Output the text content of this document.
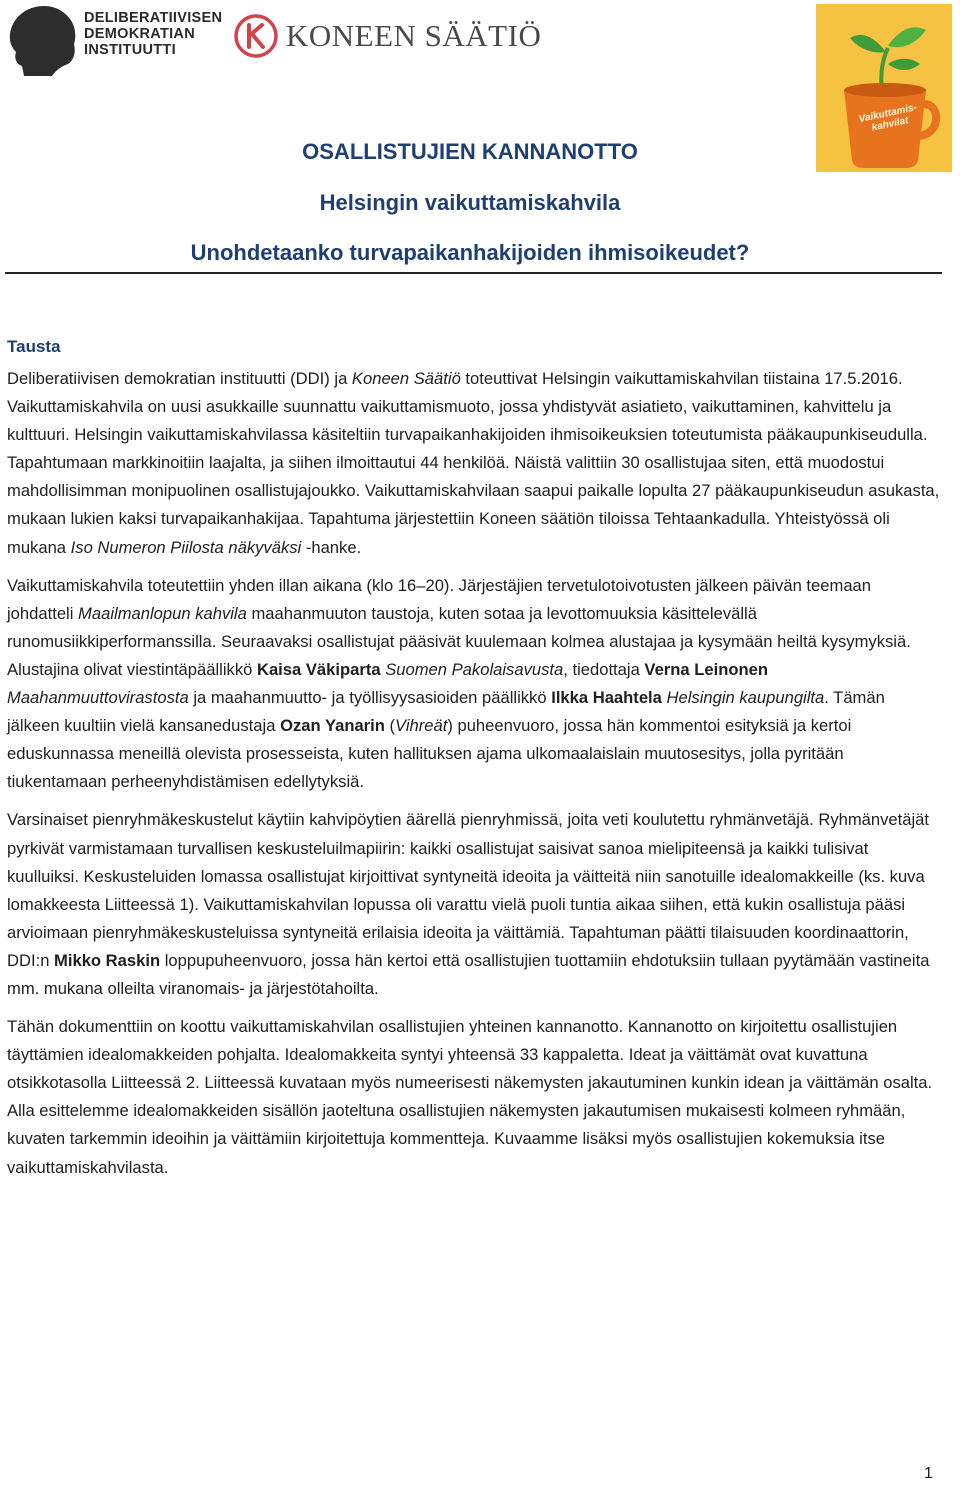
DELIBERATIIVISEN
DEMOKRATIAN
INSTITUUTTI	KONEEN SÄÄTIÖ
Vaikuttamis-kahvilat
OSALLISTUJIEN KANNANOTTO
Helsingin vaikuttamiskahvila
Unohdetaanko turvapaikanhakijoiden ihmisoikeudet?
Tausta

Deliberatiivisen demokratian instituutti (DDI) ja Koneen Säätiö toteuttivat Helsingin vaikuttamiskahvilan tiistaina 17.5.2016. Vaikuttamiskahvila on uusi asukkaille suunnattu vaikuttamismuoto, jossa yhdistyvät asiatieto, vaikuttaminen, kahvittelu ja kulttuuri. Helsingin vaikuttamiskahvilassa käsiteltiin turvapaikanhakijoiden ihmisoikeuksien toteutumista pääkaupunkiseudulla. Tapahtumaan markkinoitiin laajalta, ja siihen ilmoittautui 44 henkilöä. Näistä valittiin 30 osallistujaa siten, että muodostui mahdollisimman monipuolinen osallistujajoukko. Vaikuttamiskahvilaan saapui paikalle lopulta 27 pääkaupunkiseudun asukasta, mukaan lukien kaksi turvapaikanhakijaa. Tapahtuma järjestettiin Koneen säätiön tiloissa Tehtaankadulla. Yhteistyössä oli mukana Iso Numeron Piilosta näkyväksi -hanke.

Vaikuttamiskahvila toteutettiin yhden illan aikana (klo 16–20). Järjestäjien tervetulotoivotusten jälkeen päivän teemaan johdatteli Maailmanlopun kahvila maahanmuuton taustoja, kuten sotaa ja levottomuuksia käsittelevällä runomusiikkiperformanssilla. Seuraavaksi osallistujat pääsivät kuulemaan kolmea alustajaa ja kysymään heiltä kysymyksiä. Alustajina olivat viestintäpäällikkö Kaisa Väkiparta Suomen Pakolaisavusta, tiedottaja Verna Leinonen Maahanmuuttovirastosta ja maahanmuutto- ja työllisyysasioiden päällikkö Ilkka Haahtela Helsingin kaupungilta. Tämän jälkeen kuultiin vielä kansanedustaja Ozan Yanarin (Vihreät) puheenvuoro, jossa hän kommentoi esityksiä ja kertoi eduskunnassa meneillä olevista prosesseista, kuten hallituksen ajama ulkomaalaislain muutosesitys, jolla pyritään tiukentamaan perheenyhdistämisen edellytyksiä.

Varsinaiset pienryhmäkeskustelut käytiin kahvipöytien äärellä pienryhmissä, joita veti koulutettu ryhmänvetäjä. Ryhmänvetäjät pyrkivät varmistamaan turvallisen keskusteluilmapiirin: kaikki osallistujat saisivat sanoa mielipiteensä ja kaikki tulisivat kuulluiksi. Keskusteluiden lomassa osallistujat kirjoittivat syntyneitä ideoita ja väitteitä niin sanotuille idealomakkeille (ks. kuva lomakkeesta Liitteessä 1). Vaikuttamiskahvilan lopussa oli varattu vielä puoli tuntia aikaa siihen, että kukin osallistuja pääsi arvioimaan pienryhmäkeskusteluissa syntyneitä erilaisia ideoita ja väittämiä. Tapahtuman päätti tilaisuuden koordinaattorin, DDI:n Mikko Raskin loppupuheenvuoro, jossa hän kertoi että osallistujien tuottamiin ehdotuksiin tullaan pyytämään vastineita mm. mukana olleilta viranomais- ja järjestötahoilta.

Tähän dokumenttiin on koottu vaikuttamiskahvilan osallistujien yhteinen kannanotto. Kannanotto on kirjoitettu osallistujien täyttämien idealomakkeiden pohjalta. Idealomakkeita syntyi yhteensä 33 kappaletta. Ideat ja väittämät ovat kuvattuna otsikkotasolla Liitteessä 2. Liitteessä kuvataan myös numeerisesti näkemysten jakautuminen kunkin idean ja väittämän osalta. Alla esittelemme idealomakkeiden sisällön jaoteltuna osallistujien näkemysten jakautumisen mukaisesti kolmeen ryhmään, kuvaten tarkemmin ideoihin ja väittämiin kirjoitettuja kommentteja. Kuvaamme lisäksi myös osallistujien kokemuksia itse vaikuttamiskahvilasta.

1
